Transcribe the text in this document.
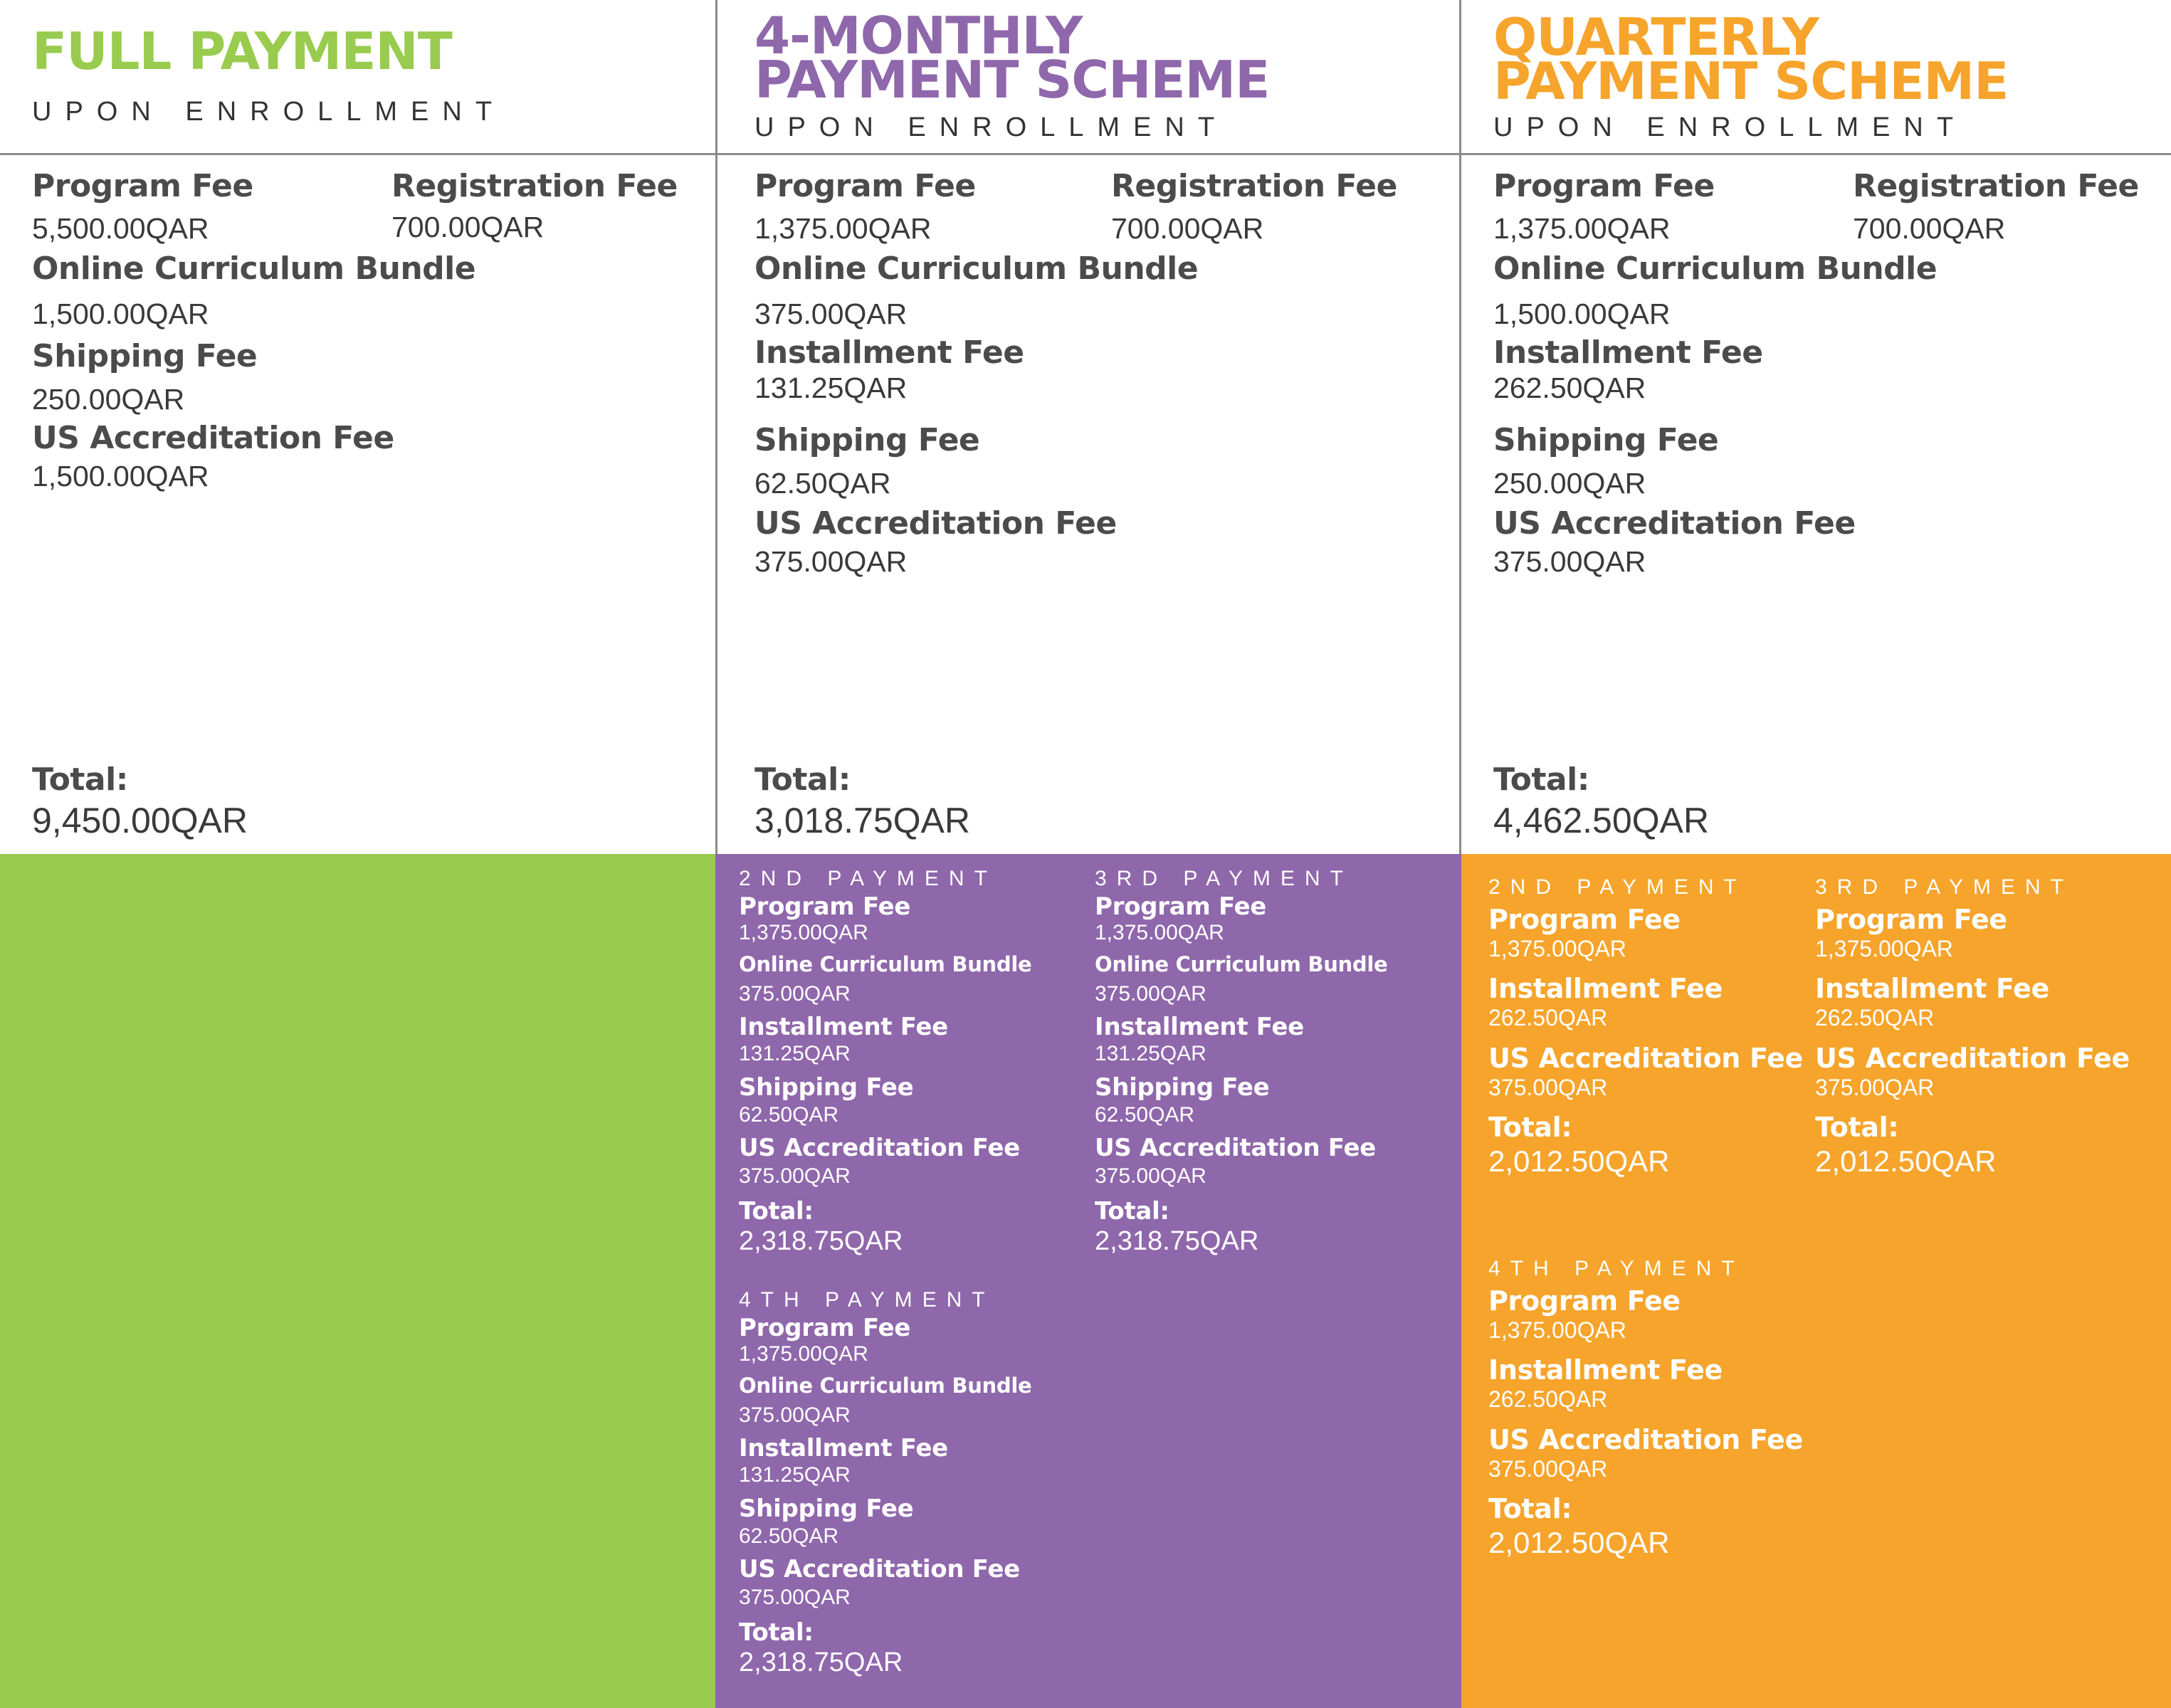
FULL PAYMENT
UPON ENROLLMENT
Program Fee
5,500.00QAR
Registration Fee
700.00QAR
Online Curriculum Bundle
1,500.00QAR
Shipping Fee
250.00QAR
US Accreditation Fee
1,500.00QAR
Total:
9,450.00QAR
4-MONTHLY
PAYMENT SCHEME
UPON ENROLLMENT
Program Fee
1,375.00QAR
Registration Fee
700.00QAR
Online Curriculum Bundle
375.00QAR
Installment Fee
131.25QAR
Shipping Fee
62.50QAR
US Accreditation Fee
375.00QAR
Total:
3,018.75QAR
2ND PAYMENT
Program Fee
1,375.00QAR
Online Curriculum Bundle
375.00QAR
Installment Fee
131.25QAR
Shipping Fee
62.50QAR
US Accreditation Fee
375.00QAR
Total:
2,318.75QAR
3RD PAYMENT
Program Fee
1,375.00QAR
Online Curriculum Bundle
375.00QAR
Installment Fee
131.25QAR
Shipping Fee
62.50QAR
US Accreditation Fee
375.00QAR
Total:
2,318.75QAR
4TH PAYMENT
Program Fee
1,375.00QAR
Online Curriculum Bundle
375.00QAR
Installment Fee
131.25QAR
Shipping Fee
62.50QAR
US Accreditation Fee
375.00QAR
Total:
2,318.75QAR
QUARTERLY
PAYMENT SCHEME
UPON ENROLLMENT
Program Fee
1,375.00QAR
Registration Fee
700.00QAR
Online Curriculum Bundle
1,500.00QAR
Installment Fee
262.50QAR
Shipping Fee
250.00QAR
US Accreditation Fee
375.00QAR
Total:
4,462.50QAR
2ND PAYMENT
Program Fee
1,375.00QAR
Installment Fee
262.50QAR
US Accreditation Fee
375.00QAR
Total:
2,012.50QAR
3RD PAYMENT
Program Fee
1,375.00QAR
Installment Fee
262.50QAR
US Accreditation Fee
375.00QAR
Total:
2,012.50QAR
4TH PAYMENT
Program Fee
1,375.00QAR
Installment Fee
262.50QAR
US Accreditation Fee
375.00QAR
Total:
2,012.50QAR
